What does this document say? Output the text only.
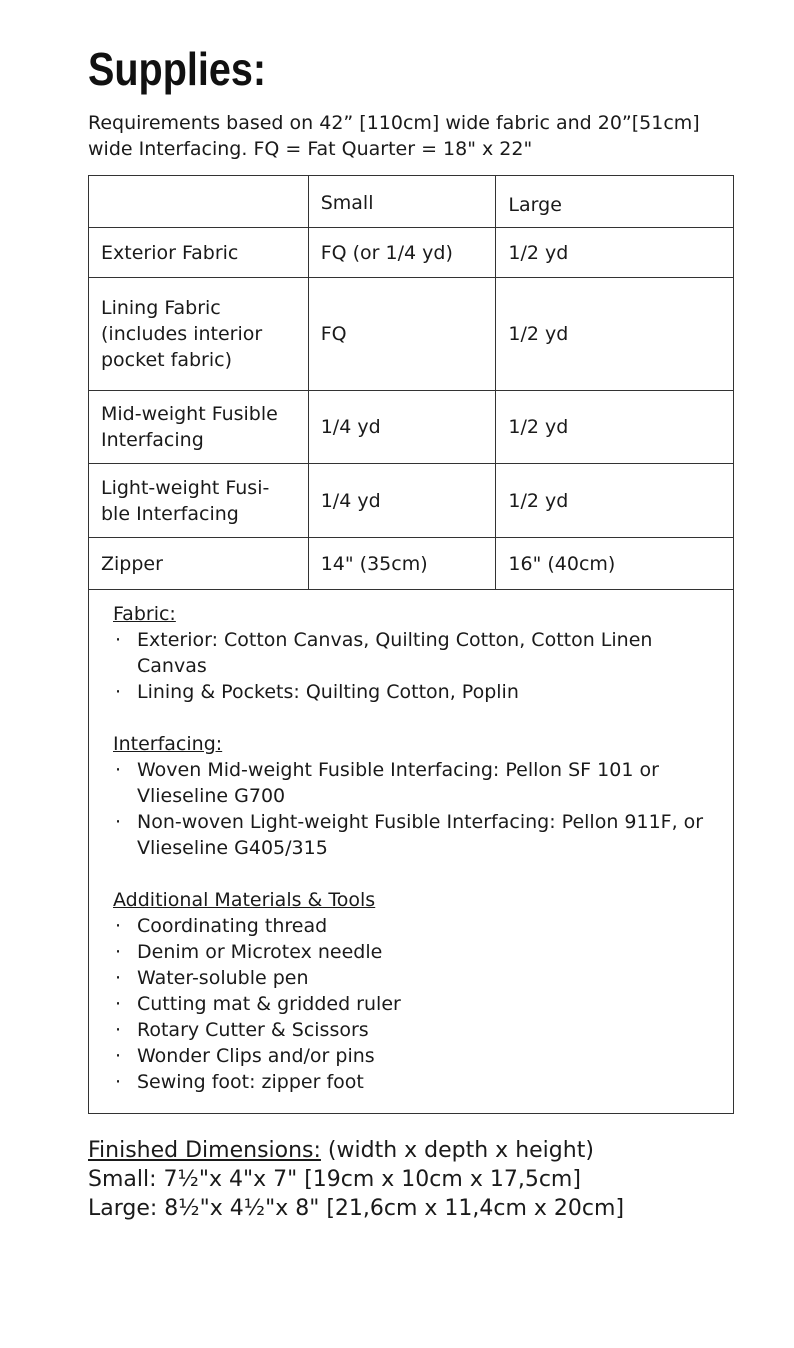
Supplies:
Requirements based on 42” [110cm] wide fabric and 20”[51cm]
wide Interfacing. FQ = Fat Quarter = 18" x 22"
	Small	Large
Exterior Fabric	FQ (or 1/4 yd)	1/2 yd
Lining Fabric (includes interior pocket fabric)	FQ	1/2 yd
Mid-weight Fusible Interfacing	1/4 yd	1/2 yd
Light-weight Fusi-ble Interfacing	1/4 yd	1/2 yd
Zipper	14" (35cm)	16" (40cm)
Fabric:
· Exterior: Cotton Canvas, Quilting Cotton, Cotton Linen Canvas
· Lining & Pockets: Quilting Cotton, Poplin
Interfacing:
· Woven Mid-weight Fusible Interfacing: Pellon SF 101 or Vlieseline G700
· Non-woven Light-weight Fusible Interfacing: Pellon 911F, or Vlieseline G405/315
Additional Materials & Tools
· Coordinating thread
· Denim or Microtex needle
· Water-soluble pen
· Cutting mat & gridded ruler
· Rotary Cutter & Scissors
· Wonder Clips and/or pins
· Sewing foot: zipper foot
Finished Dimensions: (width x depth x height)
Small: 7½"x 4"x 7" [19cm x 10cm x 17,5cm]
Large: 8½"x 4½"x 8" [21,6cm x 11,4cm x 20cm]
